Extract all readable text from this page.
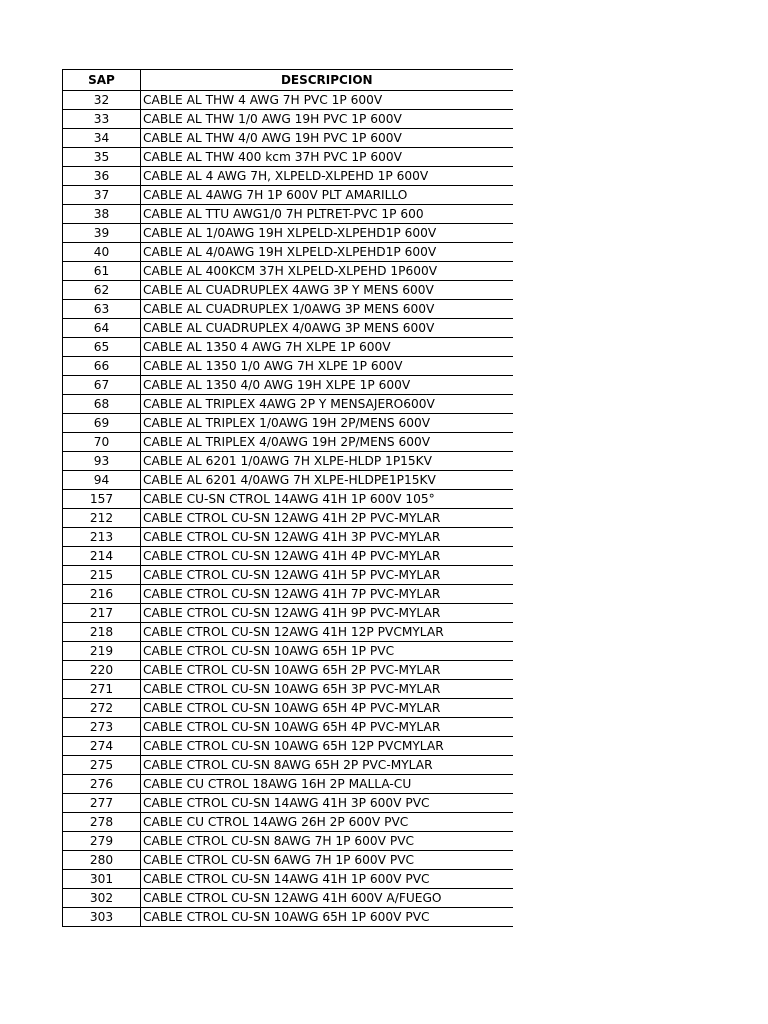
SAP	DESCRIPCION
32	CABLE AL THW 4 AWG 7H PVC 1P 600V
33	CABLE AL THW 1/0 AWG 19H PVC 1P 600V
34	CABLE AL THW 4/0 AWG 19H PVC 1P 600V
35	CABLE AL THW 400 kcm 37H PVC 1P 600V
36	CABLE AL 4 AWG 7H, XLPELD-XLPEHD 1P 600V
37	CABLE AL 4AWG 7H 1P 600V PLT AMARILLO
38	CABLE AL TTU AWG1/0 7H PLTRET-PVC 1P 600
39	CABLE AL 1/0AWG 19H XLPELD-XLPEHD1P 600V
40	CABLE AL 4/0AWG 19H XLPELD-XLPEHD1P 600V
61	CABLE AL 400KCM 37H XLPELD-XLPEHD 1P600V
62	CABLE AL CUADRUPLEX 4AWG 3P Y MENS 600V
63	CABLE AL CUADRUPLEX 1/0AWG 3P MENS 600V
64	CABLE AL CUADRUPLEX 4/0AWG 3P MENS 600V
65	CABLE AL 1350 4 AWG 7H XLPE 1P 600V
66	CABLE AL 1350 1/0 AWG 7H XLPE 1P 600V
67	CABLE AL 1350 4/0 AWG 19H XLPE 1P 600V
68	CABLE AL TRIPLEX 4AWG 2P Y MENSAJERO600V
69	CABLE AL TRIPLEX 1/0AWG 19H 2P/MENS 600V
70	CABLE AL TRIPLEX 4/0AWG 19H 2P/MENS 600V
93	CABLE AL 6201 1/0AWG 7H XLPE-HLDP 1P15KV
94	CABLE AL 6201 4/0AWG 7H XLPE-HLDPE1P15KV
157	CABLE CU-SN CTROL 14AWG 41H 1P 600V 105°
212	CABLE CTROL CU-SN 12AWG 41H 2P PVC-MYLAR
213	CABLE CTROL CU-SN 12AWG 41H 3P PVC-MYLAR
214	CABLE CTROL CU-SN 12AWG 41H 4P PVC-MYLAR
215	CABLE CTROL CU-SN 12AWG 41H 5P PVC-MYLAR
216	CABLE CTROL CU-SN 12AWG 41H 7P PVC-MYLAR
217	CABLE CTROL CU-SN 12AWG 41H 9P PVC-MYLAR
218	CABLE CTROL CU-SN 12AWG 41H 12P PVCMYLAR
219	CABLE CTROL CU-SN 10AWG 65H 1P PVC
220	CABLE CTROL CU-SN 10AWG 65H 2P PVC-MYLAR
271	CABLE CTROL CU-SN 10AWG 65H 3P PVC-MYLAR
272	CABLE CTROL CU-SN 10AWG 65H 4P PVC-MYLAR
273	CABLE CTROL CU-SN 10AWG 65H 4P PVC-MYLAR
274	CABLE CTROL CU-SN 10AWG 65H 12P PVCMYLAR
275	CABLE CTROL CU-SN 8AWG 65H 2P PVC-MYLAR
276	CABLE CU CTROL 18AWG 16H 2P MALLA-CU
277	CABLE CTROL CU-SN 14AWG 41H 3P 600V PVC
278	CABLE CU CTROL 14AWG 26H 2P 600V PVC
279	CABLE CTROL CU-SN 8AWG 7H 1P 600V PVC
280	CABLE CTROL CU-SN 6AWG 7H 1P 600V PVC
301	CABLE CTROL CU-SN 14AWG 41H 1P 600V PVC
302	CABLE CTROL CU-SN 12AWG 41H 600V A/FUEGO
303	CABLE CTROL CU-SN 10AWG 65H 1P 600V PVC
